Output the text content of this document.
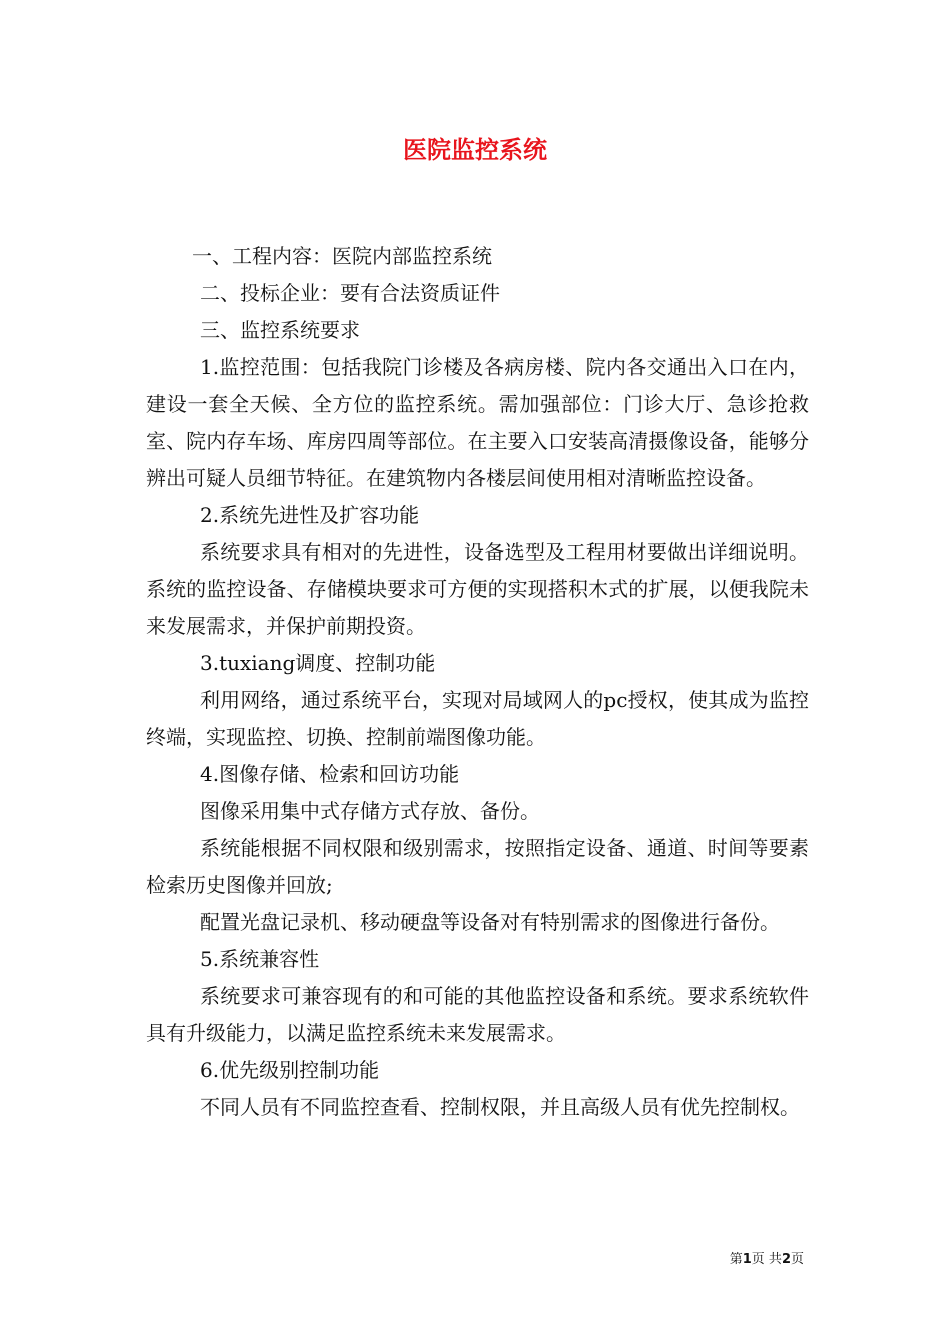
医院监控系统

一、工程内容：医院内部监控系统

二、投标企业：要有合法资质证件

三、监控系统要求

1.监控范围：包括我院门诊楼及各病房楼、院内各交通出入口在内，建设一套全天候、全方位的监控系统。需加强部位：门诊大厅、急诊抢救室、院内存车场、库房四周等部位。在主要入口安装高清摄像设备，能够分辨出可疑人员细节特征。在建筑物内各楼层间使用相对清晰监控设备。

2.系统先进性及扩容功能

系统要求具有相对的先进性，设备选型及工程用材要做出详细说明。系统的监控设备、存储模块要求可方便的实现搭积木式的扩展，以便我院未来发展需求，并保护前期投资。

3.tuxiang调度、控制功能

利用网络，通过系统平台，实现对局域网人的pc授权，使其成为监控终端，实现监控、切换、控制前端图像功能。

4.图像存储、检索和回访功能

图像采用集中式存储方式存放、备份。

系统能根据不同权限和级别需求，按照指定设备、通道、时间等要素检索历史图像并回放;

配置光盘记录机、移动硬盘等设备对有特别需求的图像进行备份。

5.系统兼容性

系统要求可兼容现有的和可能的其他监控设备和系统。要求系统软件具有升级能力，以满足监控系统未来发展需求。

6.优先级别控制功能

不同人员有不同监控查看、控制权限，并且高级人员有优先控制权。

第1页 共2页
